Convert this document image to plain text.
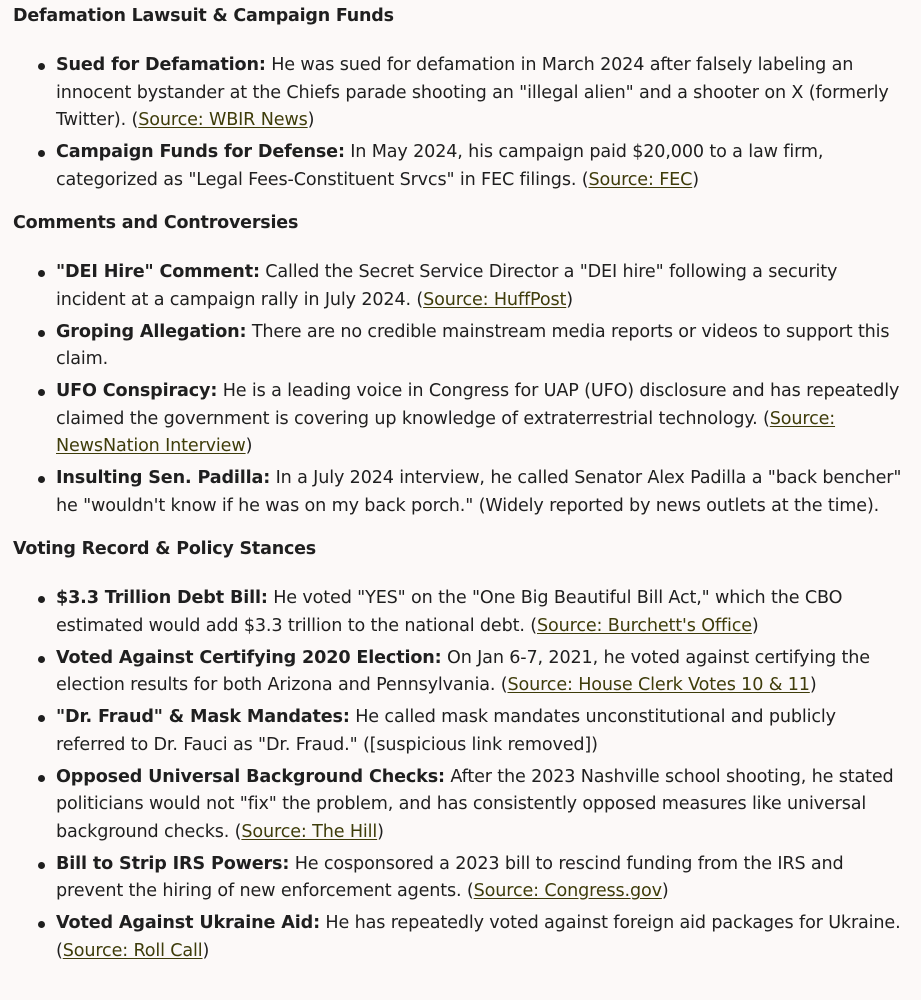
Defamation Lawsuit & Campaign Funds
Sued for Defamation: He was sued for defamation in March 2024 after falsely labeling an innocent bystander at the Chiefs parade shooting an "illegal alien" and a shooter on X (formerly Twitter). (Source: WBIR News)
Campaign Funds for Defense: In May 2024, his campaign paid $20,000 to a law firm, categorized as "Legal Fees-Constituent Srvcs" in FEC filings. (Source: FEC)
Comments and Controversies
"DEI Hire" Comment: Called the Secret Service Director a "DEI hire" following a security incident at a campaign rally in July 2024. (Source: HuffPost)
Groping Allegation: There are no credible mainstream media reports or videos to support this claim.
UFO Conspiracy: He is a leading voice in Congress for UAP (UFO) disclosure and has repeatedly claimed the government is covering up knowledge of extraterrestrial technology. (Source: NewsNation Interview)
Insulting Sen. Padilla: In a July 2024 interview, he called Senator Alex Padilla a "back bencher" he "wouldn't know if he was on my back porch." (Widely reported by news outlets at the time).
Voting Record & Policy Stances
$3.3 Trillion Debt Bill: He voted "YES" on the "One Big Beautiful Bill Act," which the CBO estimated would add $3.3 trillion to the national debt. (Source: Burchett's Office)
Voted Against Certifying 2020 Election: On Jan 6-7, 2021, he voted against certifying the election results for both Arizona and Pennsylvania. (Source: House Clerk Votes 10 & 11)
"Dr. Fraud" & Mask Mandates: He called mask mandates unconstitutional and publicly referred to Dr. Fauci as "Dr. Fraud." ([suspicious link removed])
Opposed Universal Background Checks: After the 2023 Nashville school shooting, he stated politicians would not "fix" the problem, and has consistently opposed measures like universal background checks. (Source: The Hill)
Bill to Strip IRS Powers: He cosponsored a 2023 bill to rescind funding from the IRS and prevent the hiring of new enforcement agents. (Source: Congress.gov)
Voted Against Ukraine Aid: He has repeatedly voted against foreign aid packages for Ukraine. (Source: Roll Call)
